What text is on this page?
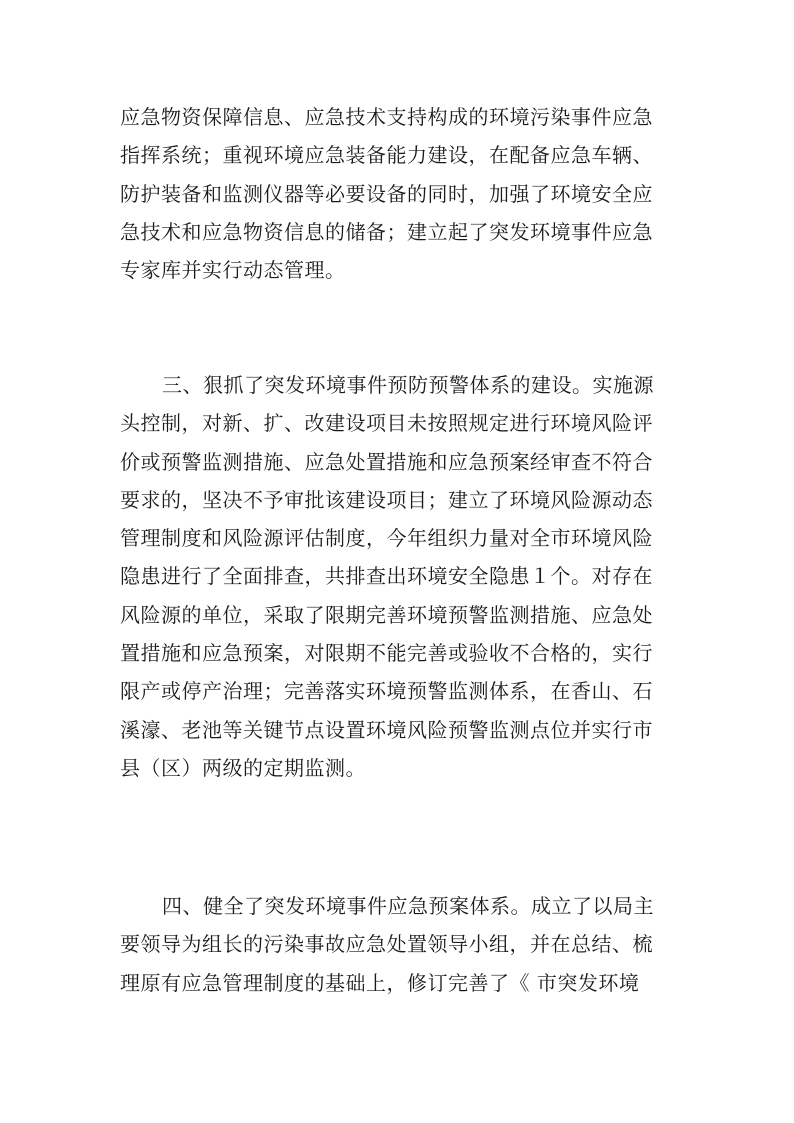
应急物资保障信息、应急技术支持构成的环境污染事件应急
指挥系统；重视环境应急装备能力建设，在配备应急车辆、
防护装备和监测仪器等必要设备的同时，加强了环境安全应
急技术和应急物资信息的储备；建立起了突发环境事件应急
专家库并实行动态管理。
三、狠抓了突发环境事件预防预警体系的建设。实施源
头控制，对新、扩、改建设项目未按照规定进行环境风险评
价或预警监测措施、应急处置措施和应急预案经审查不符合
要求的，坚决不予审批该建设项目；建立了环境风险源动态
管理制度和风险源评估制度，今年组织力量对全市环境风险
隐患进行了全面排查，共排查出环境安全隐患１个。对存在
风险源的单位，采取了限期完善环境预警监测措施、应急处
置措施和应急预案，对限期不能完善或验收不合格的，实行
限产或停产治理；完善落实环境预警监测体系，在香山、石
溪濠、老池等关键节点设置环境风险预警监测点位并实行市
县（区）两级的定期监测。
四、健全了突发环境事件应急预案体系。成立了以局主
要领导为组长的污染事故应急处置领导小组，并在总结、梳
理原有应急管理制度的基础上，修订完善了《 市突发环境
